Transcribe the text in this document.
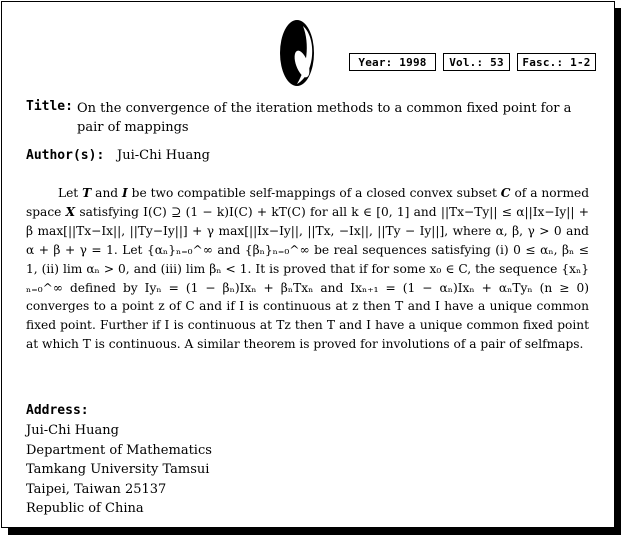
Year: 1998	Vol.: 53	Fasc.: 1-2
Title: On the convergence of the iteration methods to a common fixed point for a pair of mappings
Author(s): Jui-Chi Huang

Let T and I be two compatible self-mappings of a closed convex subset C of a normed space X satisfying I(C) ⊇ (1 − k)I(C) + kT(C) for all k ∈ [0, 1] and ||Tx−Ty|| ≤ α||Ix−Iy|| + β max[||Tx−Ix||, ||Ty−Iy||] + γ max[||Ix−Iy||, ||Tx, −Ix||, ||Ty − Iy||], where α, β, γ > 0 and α + β + γ = 1. Let {αₙ}ₙ₌₀^∞ and {βₙ}ₙ₌₀^∞ be real sequences satisfying (i) 0 ≤ αₙ, βₙ ≤ 1, (ii) lim αₙ > 0, and (iii) lim βₙ < 1. It is proved that if for some x₀ ∈ C, the sequence {xₙ}ₙ₌₀^∞ defined by Iyₙ = (1 − βₙ)Ixₙ + βₙTxₙ and Ixₙ₊₁ = (1 − αₙ)Ixₙ + αₙTyₙ (n ≥ 0) converges to a point z of C and if I is continuous at z then T and I have a unique common fixed point. Further if I is continuous at Tz then T and I have a unique common fixed point at which T is continuous. A similar theorem is proved for involutions of a pair of selfmaps.

Address:
Jui-Chi Huang
Department of Mathematics
Tamkang University Tamsui
Taipei, Taiwan 25137
Republic of China
